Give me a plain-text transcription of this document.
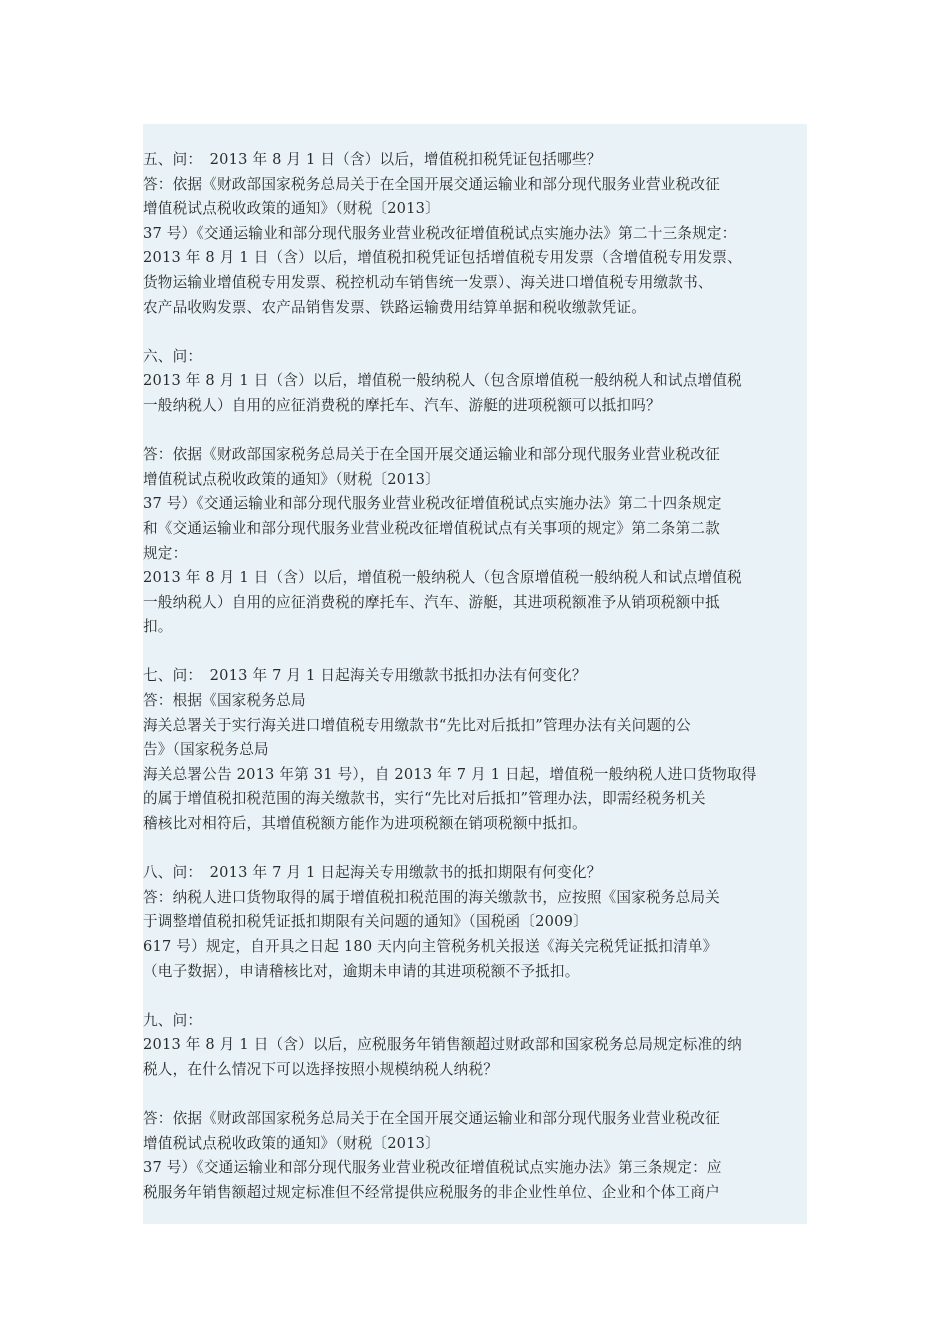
五、问：　2013 年 8 月 1 日（含）以后，增值税扣税凭证包括哪些？
答：依据《财政部国家税务总局关于在全国开展交通运输业和部分现代服务业营业税改征
增值税试点税收政策的通知》（财税〔2013〕
37 号）《交通运输业和部分现代服务业营业税改征增值税试点实施办法》第二十三条规定：
2013 年 8 月 1 日（含）以后，增值税扣税凭证包括增值税专用发票（含增值税专用发票、
货物运输业增值税专用发票、税控机动车销售统一发票）、海关进口增值税专用缴款书、
农产品收购发票、农产品销售发票、铁路运输费用结算单据和税收缴款凭证。
六、问：
2013 年 8 月 1 日（含）以后，增值税一般纳税人（包含原增值税一般纳税人和试点增值税
一般纳税人）自用的应征消费税的摩托车、汽车、游艇的进项税额可以抵扣吗？
答：依据《财政部国家税务总局关于在全国开展交通运输业和部分现代服务业营业税改征
增值税试点税收政策的通知》（财税〔2013〕
37 号）《交通运输业和部分现代服务业营业税改征增值税试点实施办法》第二十四条规定
和《交通运输业和部分现代服务业营业税改征增值税试点有关事项的规定》第二条第二款
规定：
2013 年 8 月 1 日（含）以后，增值税一般纳税人（包含原增值税一般纳税人和试点增值税
一般纳税人）自用的应征消费税的摩托车、汽车、游艇，其进项税额准予从销项税额中抵
扣。
七、问：　2013 年 7 月 1 日起海关专用缴款书抵扣办法有何变化？
答：根据《国家税务总局
海关总署关于实行海关进口增值税专用缴款书“先比对后抵扣”管理办法有关问题的公
告》（国家税务总局
海关总署公告 2013 年第 31 号），自 2013 年 7 月 1 日起，增值税一般纳税人进口货物取得
的属于增值税扣税范围的海关缴款书，实行“先比对后抵扣”管理办法，即需经税务机关
稽核比对相符后，其增值税额方能作为进项税额在销项税额中抵扣。
八、问：　2013 年 7 月 1 日起海关专用缴款书的抵扣期限有何变化？
答：纳税人进口货物取得的属于增值税扣税范围的海关缴款书，应按照《国家税务总局关
于调整增值税扣税凭证抵扣期限有关问题的通知》（国税函〔2009〕
617 号）规定，自开具之日起 180 天内向主管税务机关报送《海关完税凭证抵扣清单》
（电子数据），申请稽核比对，逾期未申请的其进项税额不予抵扣。
九、问：
2013 年 8 月 1 日（含）以后，应税服务年销售额超过财政部和国家税务总局规定标准的纳
税人，在什么情况下可以选择按照小规模纳税人纳税？
答：依据《财政部国家税务总局关于在全国开展交通运输业和部分现代服务业营业税改征
增值税试点税收政策的通知》（财税〔2013〕
37 号）《交通运输业和部分现代服务业营业税改征增值税试点实施办法》第三条规定：应
税服务年销售额超过规定标准但不经常提供应税服务的非企业性单位、企业和个体工商户
